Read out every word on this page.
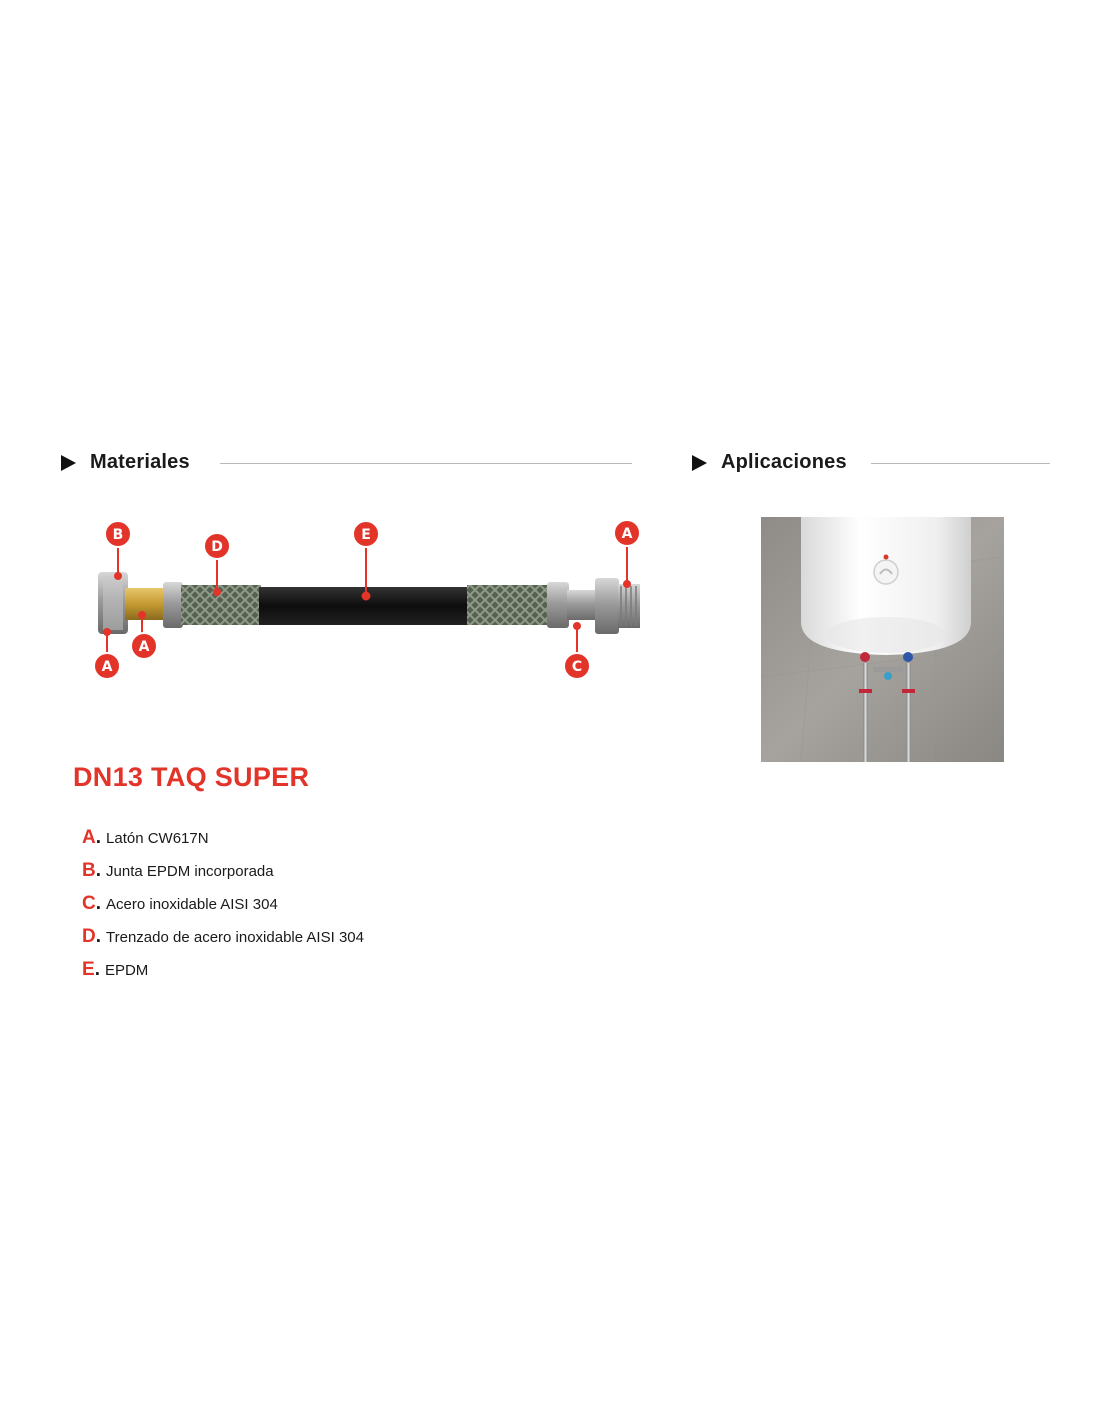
Materiales	Aplicaciones
B
D
E	A
A
A
C
DN13 TAQ SUPER
A . Latón CW617N
B . Junta EPDM incorporada
C . Acero inoxidable AISI 304
D . Trenzado de acero inoxidable AISI 304
E . EPDM
